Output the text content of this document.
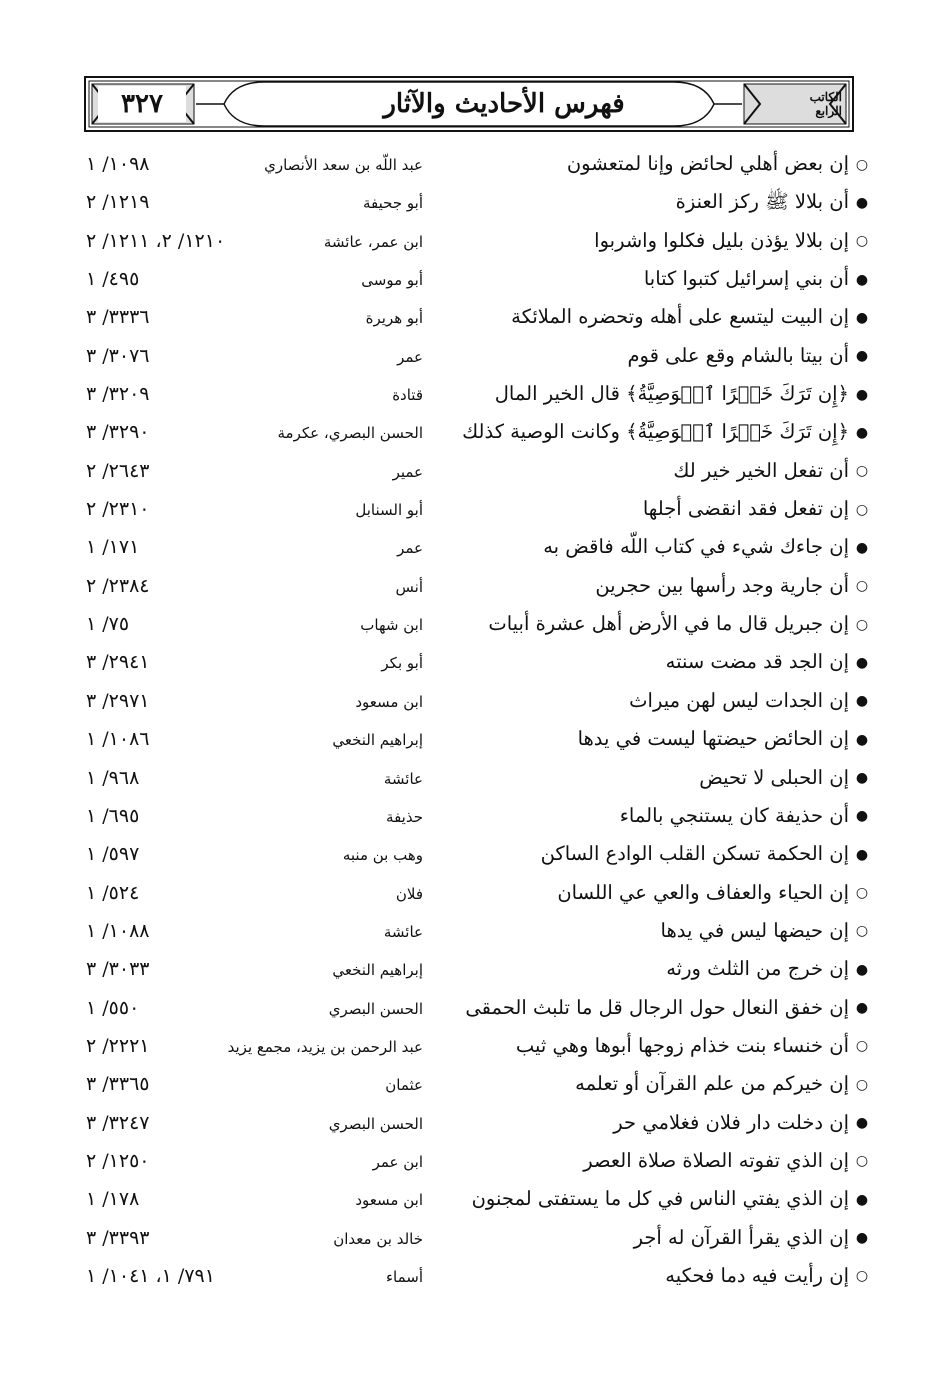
٣٢٧	فهرس الأحاديث والآثار	الكاتب الرابع
○إن بعض أهلي لحائض وإنا لمتعشون
عبد اللّه بن سعد الأنصاري
١٠٩٨/ ١
●أن بلالا ﷺ ركز العنزة
أبو جحيفة
١٢١٩/ ٢
○إن بلالا يؤذن بليل فكلوا واشربوا
ابن عمر، عائشة
١٢١٠/ ٢، ١٢١١/ ٢
●أن بني إسرائيل كتبوا كتابا
أبو موسى
٤٩٥/ ١
●إن البيت ليتسع على أهله وتحضره الملائكة
أبو هريرة
٣٣٣٦/ ٣
●أن بيتا بالشام وقع على قوم
عمر
٣٠٧٦/ ٣
●﴿إِن تَرَكَ خَيۡرًا ٱلۡوَصِيَّةُ﴾ قال الخير المال
قتادة
٣٢٠٩/ ٣
●﴿إِن تَرَكَ خَيۡرًا ٱلۡوَصِيَّةُ﴾ وكانت الوصية كذلك
الحسن البصري، عكرمة
٣٢٩٠/ ٣
○أن تفعل الخير خير لك
عمير
٢٦٤٣/ ٢
○إن تفعل فقد انقضى أجلها
أبو السنابل
٢٣١٠/ ٢
●إن جاءك شيء في كتاب اللّه فاقض به
عمر
١٧١/ ١
○أن جارية وجد رأسها بين حجرين
أنس
٢٣٨٤/ ٢
○إن جبريل قال ما في الأرض أهل عشرة أبيات
ابن شهاب
٧٥/ ١
●إن الجد قد مضت سنته
أبو بكر
٢٩٤١/ ٣
●إن الجدات ليس لهن ميراث
ابن مسعود
٢٩٧١/ ٣
●إن الحائض حيضتها ليست في يدها
إبراهيم النخعي
١٠٨٦/ ١
●إن الحبلى لا تحيض
عائشة
٩٦٨/ ١
●أن حذيفة كان يستنجي بالماء
حذيفة
٦٩٥/ ١
●إن الحكمة تسكن القلب الوادع الساكن
وهب بن منبه
٥٩٧/ ١
○إن الحياء والعفاف والعي عي اللسان
فلان
٥٢٤/ ١
○إن حيضها ليس في يدها
عائشة
١٠٨٨/ ١
●إن خرج من الثلث ورثه
إبراهيم النخعي
٣٠٣٣/ ٣
●إن خفق النعال حول الرجال قل ما تلبث الحمقى
الحسن البصري
٥٥٠/ ١
○أن خنساء بنت خذام زوجها أبوها وهي ثيب
عبد الرحمن بن يزيد، مجمع يزيد
٢٢٢١/ ٢
○إن خيركم من علم القرآن أو تعلمه
عثمان
٣٣٦٥/ ٣
●إن دخلت دار فلان فغلامي حر
الحسن البصري
٣٢٤٧/ ٣
○إن الذي تفوته الصلاة صلاة العصر
ابن عمر
١٢٥٠/ ٢
●إن الذي يفتي الناس في كل ما يستفتى لمجنون
ابن مسعود
١٧٨/ ١
●إن الذي يقرأ القرآن له أجر
خالد بن معدان
٣٣٩٣/ ٣
○إن رأيت فيه دما فحكيه
أسماء
٧٩١/ ١، ١٠٤١/ ١
